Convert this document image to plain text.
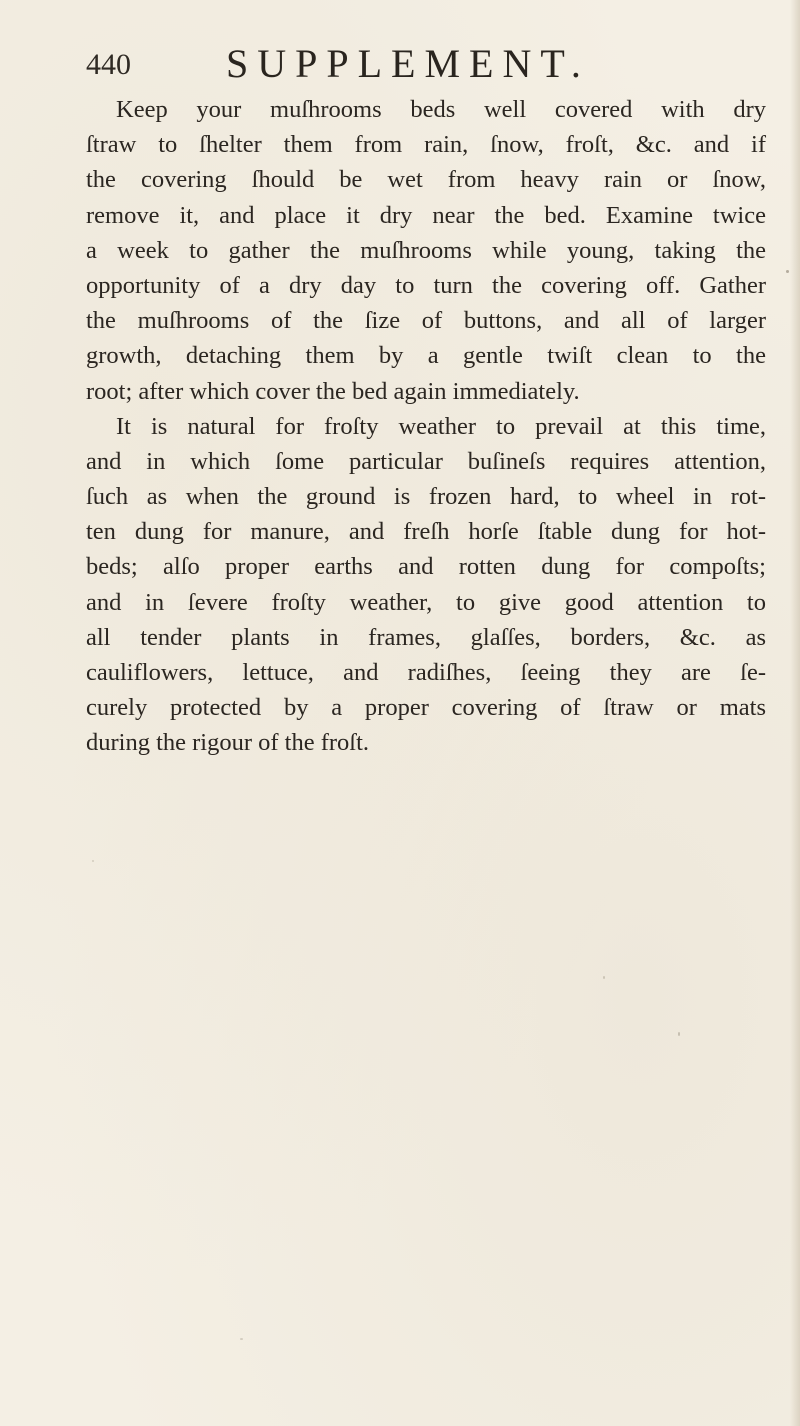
440 SUPPLEMENT.
Keep your muſhrooms beds well covered with dry
ſtraw to ſhelter them from rain, ſnow, froſt, &c. and if
the covering ſhould be wet from heavy rain or ſnow,
remove it, and place it dry near the bed. Examine twice
a week to gather the muſhrooms while young, taking the
opportunity of a dry day to turn the covering off. Gather
the muſhrooms of the ſize of buttons, and all of larger
growth, detaching them by a gentle twiſt clean to the
root; after which cover the bed again immediately.
It is natural for froſty weather to prevail at this time,
and in which ſome particular buſineſs requires attention,
ſuch as when the ground is frozen hard, to wheel in rot-
ten dung for manure, and freſh horſe ſtable dung for hot-
beds; alſo proper earths and rotten dung for compoſts;
and in ſevere froſty weather, to give good attention to
all tender plants in frames, glaſſes, borders, &c. as
cauliflowers, lettuce, and radiſhes, ſeeing they are ſe-
curely protected by a proper covering of ſtraw or mats
during the rigour of the froſt.
